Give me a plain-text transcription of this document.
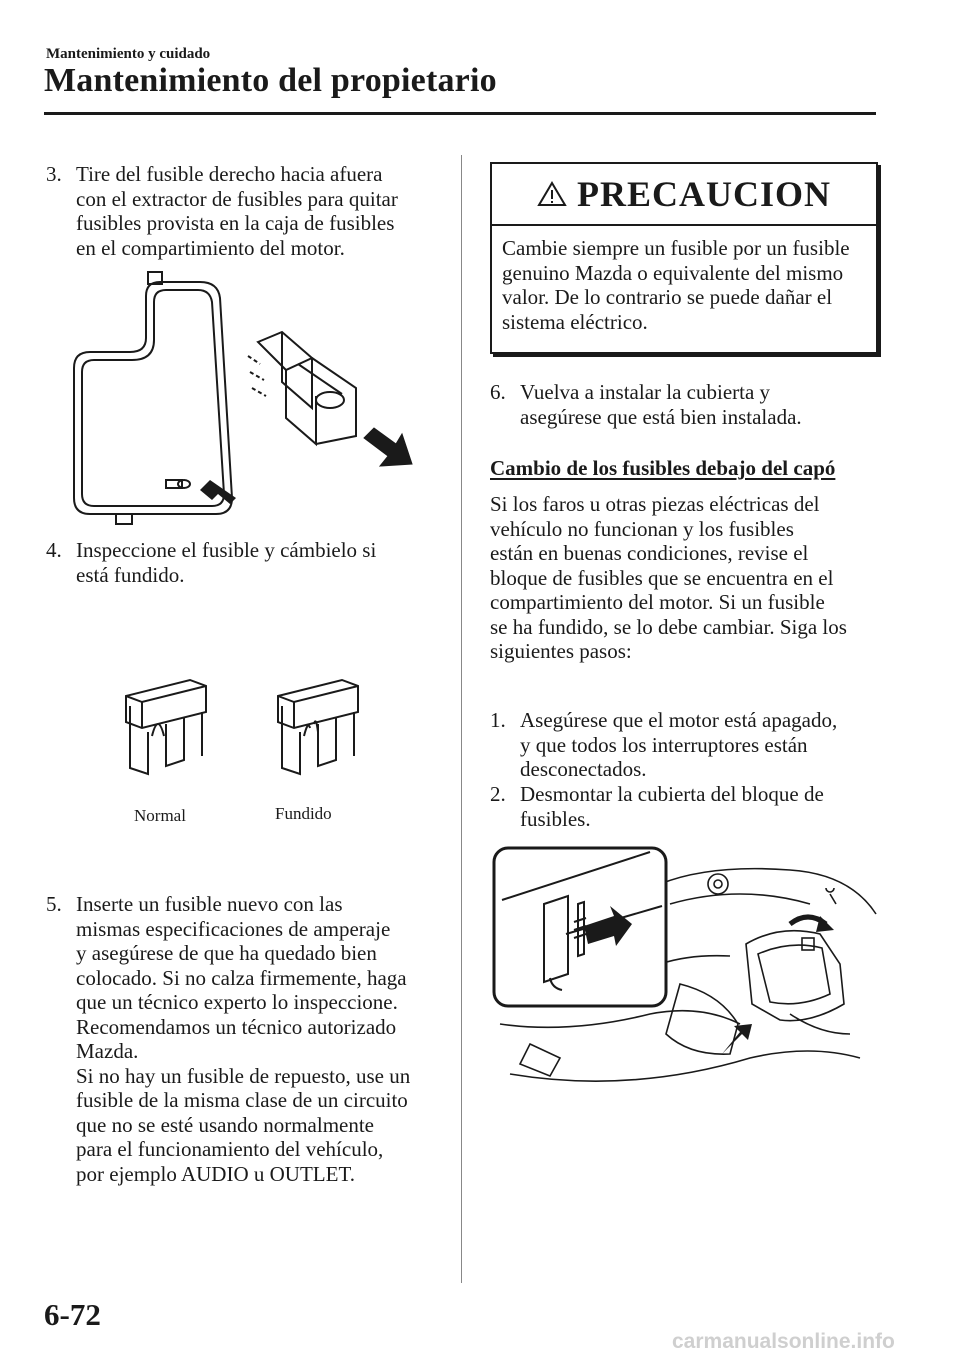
Mantenimiento y cuidado
Mantenimiento del propietario
3. Tire del fusible derecho hacia afuera
con el extractor de fusibles para quitar
fusibles provista en la caja de fusibles
en el compartimiento del motor.
4. Inspeccione el fusible y cámbielo si
está fundido.
Normal	Fundido
5. Inserte un fusible nuevo con las
mismas especificaciones de amperaje
y asegúrese de que ha quedado bien
colocado. Si no calza firmemente, haga
que un técnico experto lo inspeccione.
Recomendamos un técnico autorizado
Mazda.
Si no hay un fusible de repuesto, use un
fusible de la misma clase de un circuito
que no se esté usando normalmente
para el funcionamiento del vehículo,
por ejemplo AUDIO u OUTLET.
PRECAUCION
Cambie siempre un fusible por un fusible genuino Mazda o equivalente del mismo valor. De lo contrario se puede dañar el sistema eléctrico.
6. Vuelva a instalar la cubierta y
asegúrese que está bien instalada.
Cambio de los fusibles debajo del capó
Si los faros u otras piezas eléctricas del
vehículo no funcionan y los fusibles
están en buenas condiciones, revise el
bloque de fusibles que se encuentra en el
compartimiento del motor. Si un fusible
se ha fundido, se lo debe cambiar. Siga los
siguientes pasos:
1. Asegúrese que el motor está apagado,
y que todos los interruptores están
desconectados.
2. Desmontar la cubierta del bloque de
fusibles.
6-72
carmanualsonline.info
